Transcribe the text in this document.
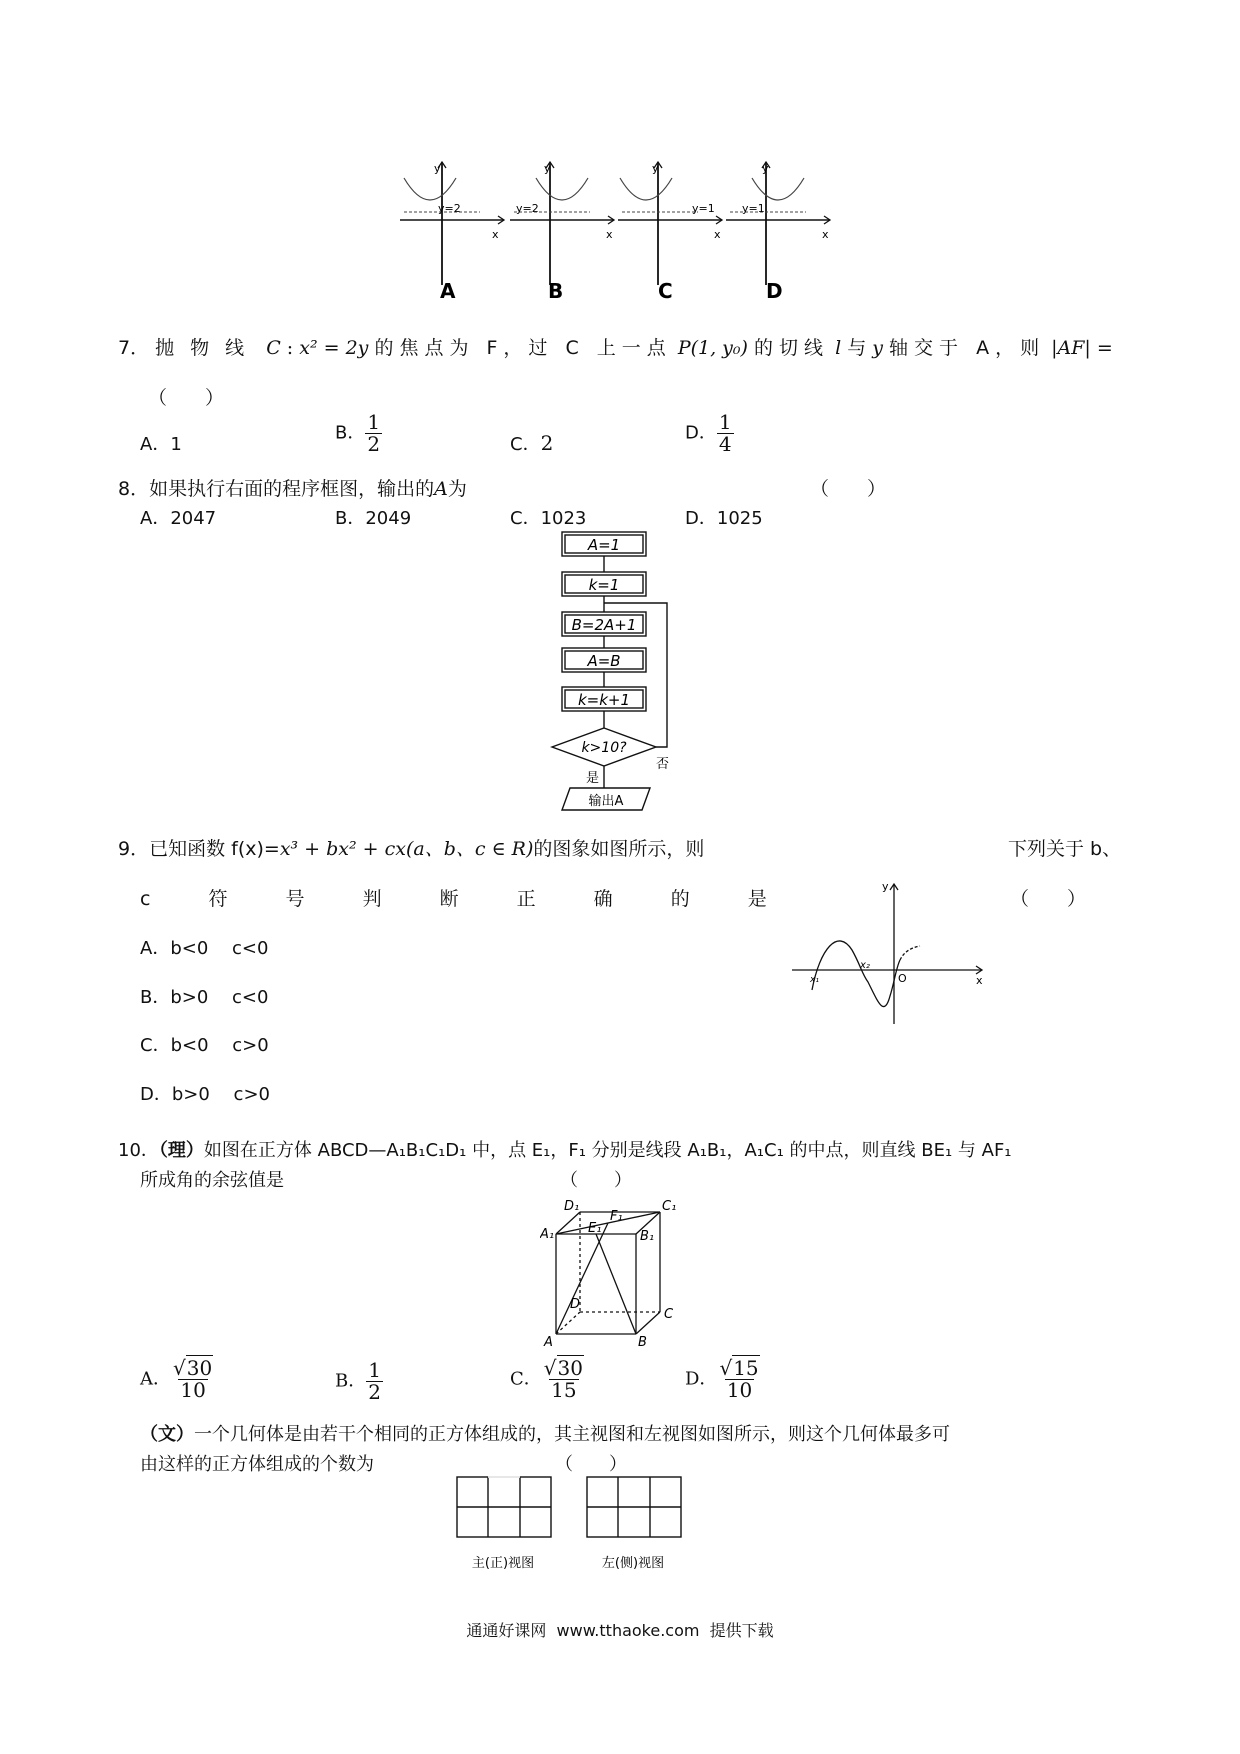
A	B	C	D
y=2	y=2	y=1 y=1
x	x	x	x
y	y	y	y
7． 抛物线 C : x² = 2y 的焦点为 F，过 C 上一点 P(1, y₀) 的切线 l 与 y 轴交于 A，则 |AF| =
（　　）
A．1
B． $\frac{1}{2}$	C．2	D． $\frac{1}{4}$
8．如果执行右面的程序框图，输出的A为	（　　）
A．2047	B．2049	C．1023	D．1025
A=1
k=1
B=2A+1
A=B
k=k+1
k>10?
否
是
输出A
9．已知函数 f(x)=x³ + bx² + cx(a、b、c ∈ R)的图象如图所示，则	下列关于 b、
c 符 号 判 断 正 确 的 是	（　　）
A．b<0　 c<0
B．b>0　 c<0
C．b<0　 c>0
D．b>0　 c>0
y
x
O
x₁
x₂
10．（理）如图在正方体 ABCD—A₁B₁C₁D₁ 中，点 E₁，F₁ 分别是线段 A₁B₁，A₁C₁ 的中点，则直线 BE₁ 与 AF₁
所成角的余弦值是	（　　）
D₁	C₁
F₁
A₁	E₁
B₁
D
C
A	B
A． $\frac{√30}{10}$	B． $\frac{1}{2}$	C． $\frac{√30}{15}$	D． $\frac{√15}{10}$
（文）一个几何体是由若干个相同的正方体组成的，其主视图和左视图如图所示，则这个几何体最多可
由这样的正方体组成的个数为	（　　）
主(正)视图	左(侧)视图
通通好课网  www.tthaoke.com  提供下载
